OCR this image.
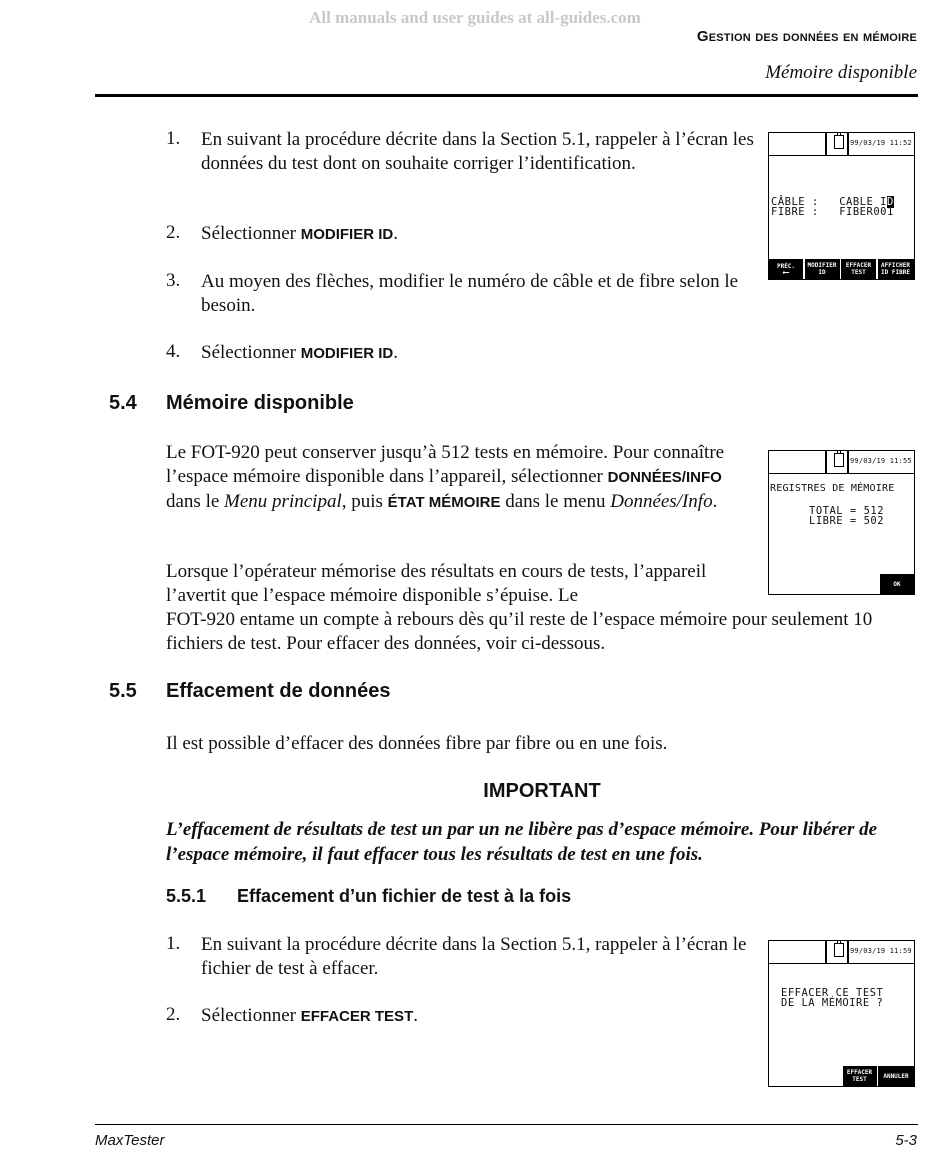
All manuals and user guides at all-guides.com
Gestion des données en mémoire
Mémoire disponible
1. En suivant la procédure décrite dans la Section 5.1, rappeler à l’écran les données du test dont on souhaite corriger l’identification.
2. Sélectionner MODIFIER ID.
3. Au moyen des flèches, modifier le numéro de câble et de fibre selon le besoin.
4. Sélectionner MODIFIER ID.
99/03/19 11:52
CÂBLE :   CABLE ID
FIBRE :   FIBER001
PRÉC.
⟵
MODIFIER
ID
EFFACER
TEST
AFFICHER
ID FIBRE
5.4 Mémoire disponible
Le FOT-920 peut conserver jusqu’à 512 tests en mémoire. Pour connaître l’espace mémoire disponible dans l’appareil, sélectionner DONNÉES/INFO dans le Menu principal, puis ÉTAT MÉMOIRE dans le menu Données/Info.
Lorsque l’opérateur mémorise des résultats en cours de tests, l’appareil l’avertit que l’espace mémoire disponible s’épuise. Le
FOT-920 entame un compte à rebours dès qu’il reste de l’espace mémoire pour seulement 10 fichiers de test. Pour effacer des données, voir ci-dessous.
99/03/19 11:55
REGISTRES DE MÉMOIRE
TOTAL = 512
LIBRE = 502
OK
5.5 Effacement de données
Il est possible d’effacer des données fibre par fibre ou en une fois.
IMPORTANT
L’effacement de résultats de test un par un ne libère pas d’espace mémoire. Pour libérer de l’espace mémoire, il faut effacer tous les résultats de test en une fois.
5.5.1 Effacement d’un fichier de test à la fois
1. En suivant la procédure décrite dans la Section 5.1, rappeler à l’écran le fichier de test à effacer.
2. Sélectionner EFFACER TEST.
99/03/19 11:59
EFFACER CE TEST
DE LA MÉMOIRE ?
EFFACER
TEST	ANNULER
MaxTester	5-3
